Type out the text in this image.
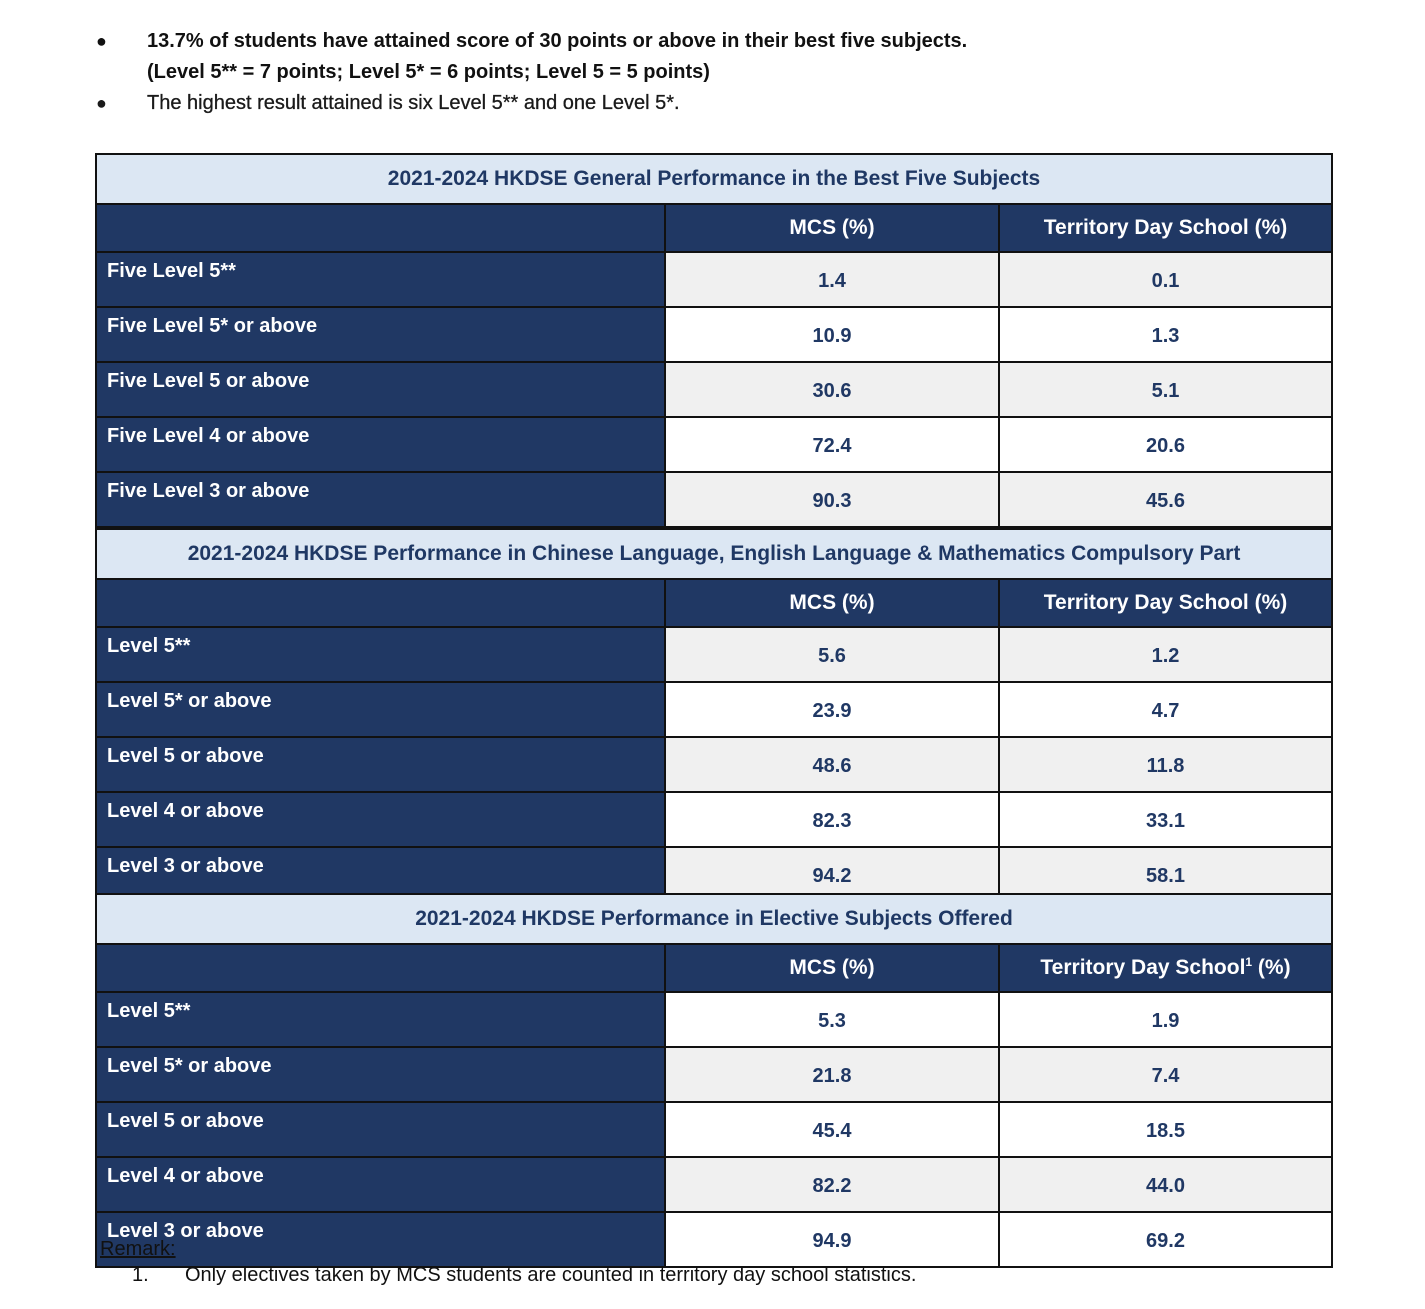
● 13.7% of students have attained score of 30 points or above in their best five subjects.
(Level 5** = 7 points; Level 5* = 6 points; Level 5 = 5 points)
● The highest result attained is six Level 5** and one Level 5*.
2021-2024 HKDSE General Performance in the Best Five Subjects		
	MCS (%)	Territory Day School (%)
Five Level 5**	1.4	0.1
Five Level 5* or above	10.9	1.3
Five Level 5 or above	30.6	5.1
Five Level 4 or above	72.4	20.6
Five Level 3 or above	90.3	45.6
2021-2024 HKDSE Performance in Chinese Language, English Language & Mathematics Compulsory Part		
	MCS (%)	Territory Day School (%)
Level 5**	5.6	1.2
Level 5* or above	23.9	4.7
Level 5 or above	48.6	11.8
Level 4 or above	82.3	33.1
Level 3 or above	94.2	58.1
2021-2024 HKDSE Performance in Elective Subjects Offered		
	MCS (%)	Territory Day School$^1$ (%)
Level 5**	5.3	1.9
Level 5* or above	21.8	7.4
Level 5 or above	45.4	18.5
Level 4 or above	82.2	44.0
Level 3 or above	94.9	69.2
Remark:
1. Only electives taken by MCS students are counted in territory day school statistics.
